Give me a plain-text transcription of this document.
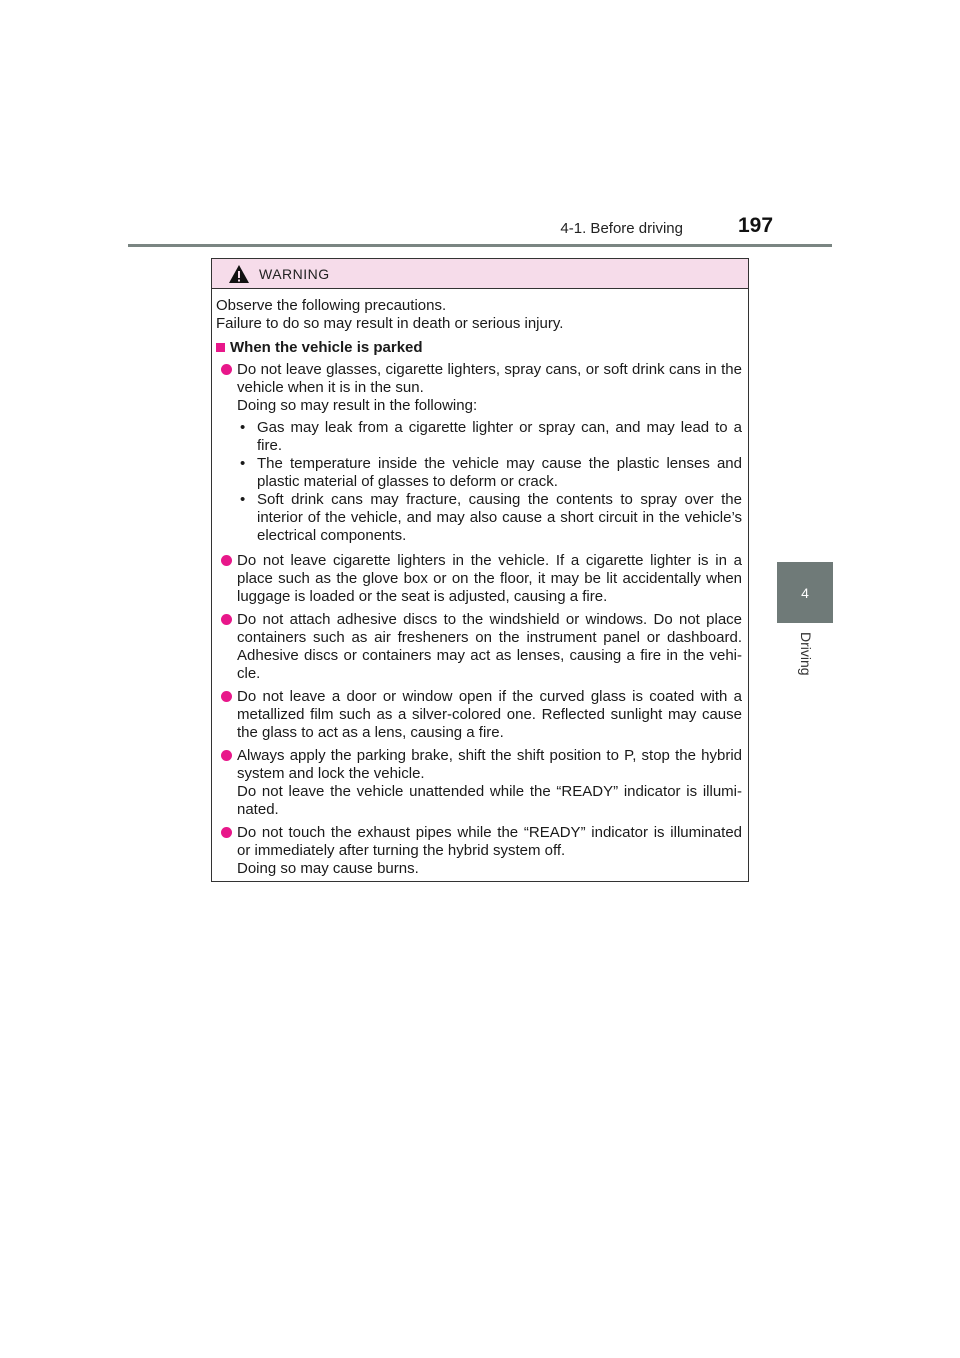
4-1. Before driving	197
4
Driving
WARNING
Observe the following precautions.
Failure to do so may result in death or serious injury.
When the vehicle is parked

Do not leave glasses, cigarette lighters, spray cans, or soft drink cans in the vehicle when it is in the sun.

Doing so may result in the following:

• Gas may leak from a cigarette lighter or spray can, and may lead to a fire.
• The temperature inside the vehicle may cause the plastic lenses and plastic material of glasses to deform or crack.
• Soft drink cans may fracture, causing the contents to spray over the interior of the vehicle, and may also cause a short circuit in the vehicle’s electrical components.

Do not leave cigarette lighters in the vehicle. If a cigarette lighter is in a place such as the glove box or on the floor, it may be lit accidentally when luggage is loaded or the seat is adjusted, causing a fire.

Do not attach adhesive discs to the windshield or windows. Do not place containers such as air fresheners on the instrument panel or dashboard. Adhesive discs or containers may act as lenses, causing a fire in the vehi-cle.

Do not leave a door or window open if the curved glass is coated with a metallized film such as a silver-colored one. Reflected sunlight may cause the glass to act as a lens, causing a fire.

Always apply the parking brake, shift the shift position to P, stop the hybrid system and lock the vehicle.

Do not leave the vehicle unattended while the “READY” indicator is illumi-nated.

Do not touch the exhaust pipes while the “READY” indicator is illuminated or immediately after turning the hybrid system off.

Doing so may cause burns.
